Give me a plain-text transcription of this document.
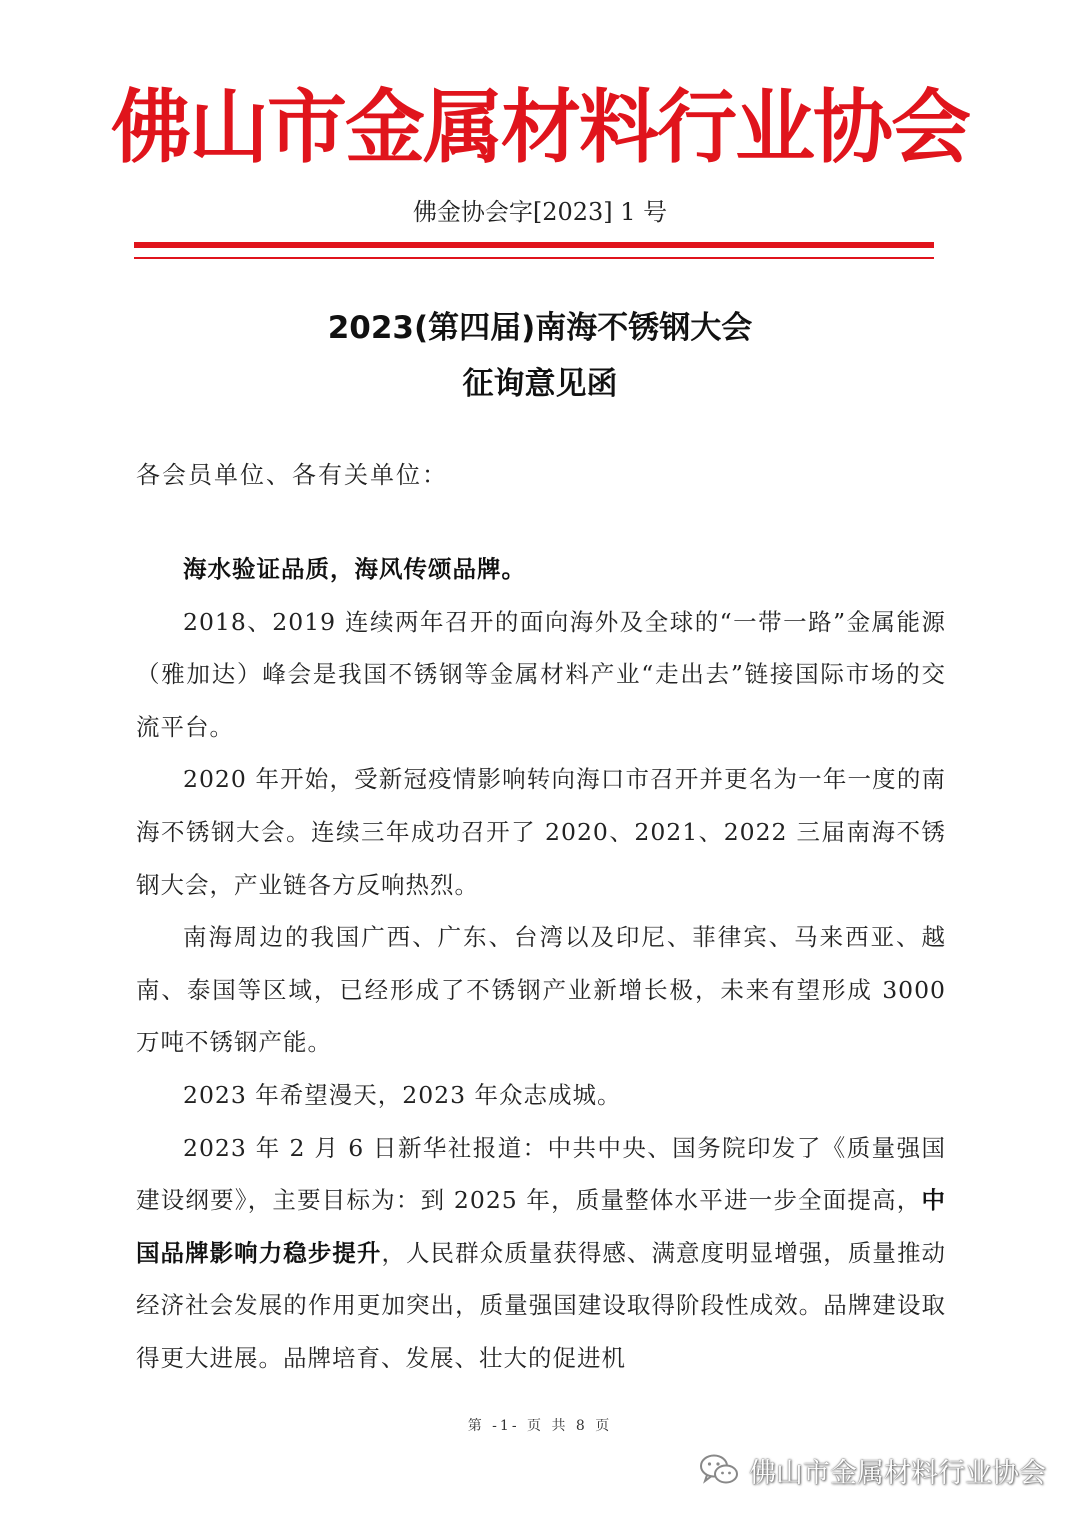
佛山市金属材料行业协会
佛金协会字[2023] 1 号
2023(第四届)南海不锈钢大会
征询意见函
各会员单位、各有关单位：

海水验证品质，海风传颂品牌。

2018、2019 连续两年召开的面向海外及全球的“一带一路”金属能源（雅加达）峰会是我国不锈钢等金属材料产业“走出去”链接国际市场的交流平台。

2020 年开始，受新冠疫情影响转向海口市召开并更名为一年一度的南海不锈钢大会。连续三年成功召开了 2020、2021、2022 三届南海不锈钢大会，产业链各方反响热烈。

南海周边的我国广西、广东、台湾以及印尼、菲律宾、马来西亚、越南、泰国等区域，已经形成了不锈钢产业新增长极，未来有望形成 3000 万吨不锈钢产能。

2023 年希望漫天，2023 年众志成城。

2023 年 2 月 6 日新华社报道：中共中央、国务院印发了《质量强国建设纲要》，主要目标为：到 2025 年，质量整体水平进一步全面提高，中国品牌影响力稳步提升，人民群众质量获得感、满意度明显增强，质量推动经济社会发展的作用更加突出，质量强国建设取得阶段性成效。品牌建设取得更大进展。品牌培育、发展、壮大的促进机

第 -1- 页 共 8 页
佛山市金属材料行业协会
